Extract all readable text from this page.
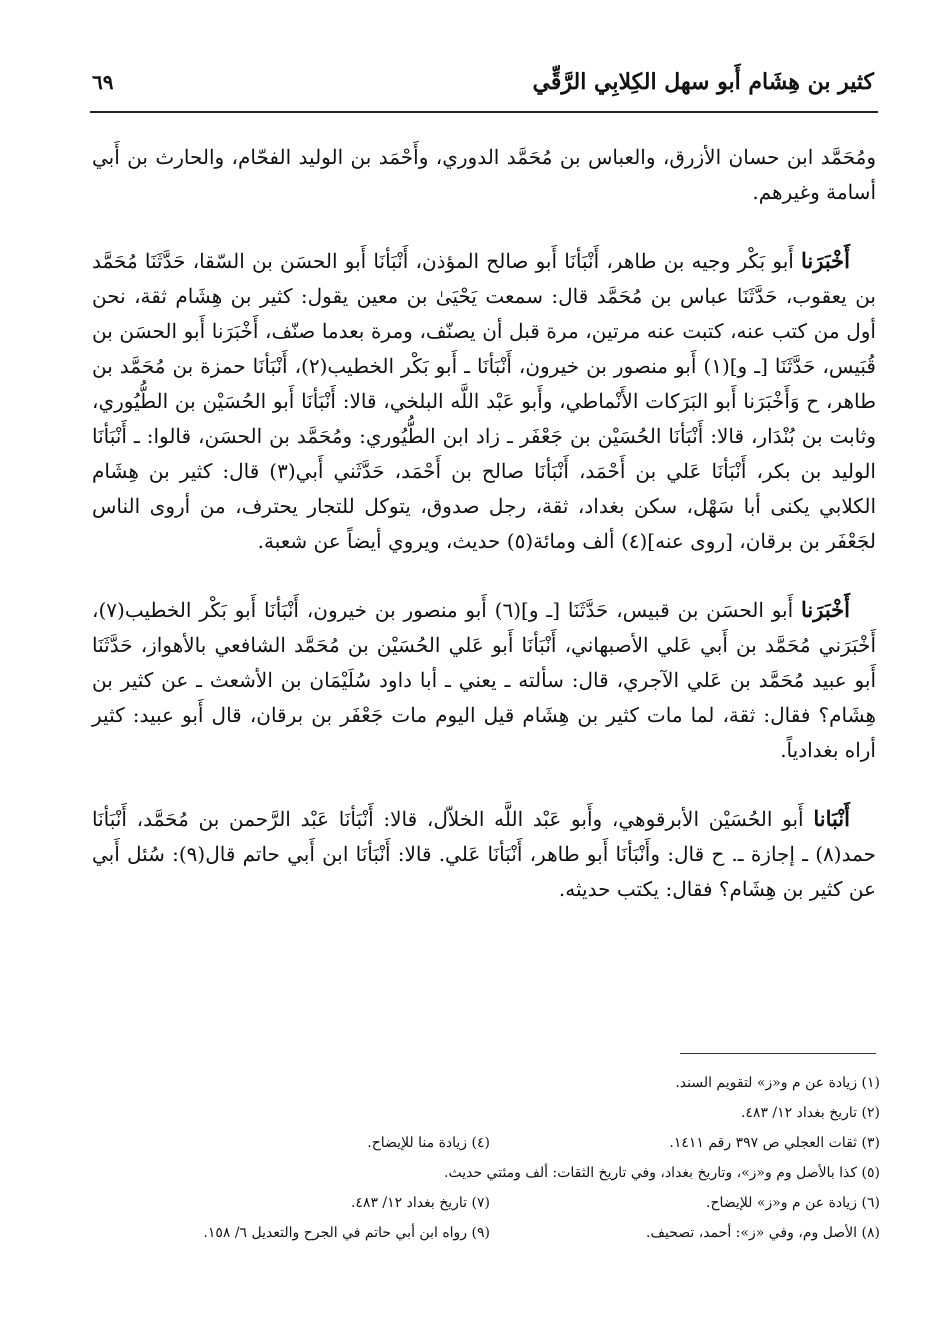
كثير بن هِشَام أَبو سهل الكِلابِي الرَّقِّي
٦٩

ومُحَمَّد ابن حسان الأزرق، والعباس بن مُحَمَّد الدوري، وأَحْمَد بن الوليد الفحّام، والحارث بن أَبي أسامة وغيرهم.

أَخْبَرَنا أَبو بَكْر وجيه بن طاهر، أَنْبَأنَا أَبو صالح المؤذن، أَنْبَأنَا أَبو الحسَن بن السّقا، حَدَّثَنَا مُحَمَّد بن يعقوب، حَدَّثَنَا عباس بن مُحَمَّد قال: سمعت يَحْيَىٰ بن معين يقول: كثير بن هِشَام ثقة، نحن أول من كتب عنه، كتبت عنه مرتين، مرة قبل أن يصنّف، ومرة بعدما صنّف، أَخْبَرَنا أَبو الحسَن بن قُبَيس، حَدَّثَنَا [ـ و](١) أَبو منصور بن خيرون، أَنْبَأنَا ـ أَبو بَكْر الخطيب(٢)، أَنْبَأنَا حمزة بن مُحَمَّد بن طاهر، ح وَأَخْبَرَنا أَبو البَرَكات الأَنْماطي، وأَبو عَبْد اللَّه البلخي، قالا: أَنْبَأنَا أَبو الحُسَيْن بن الطُّيُوري، وثابت بن بُنْدَار، قالا: أَنْبَأنَا الحُسَيْن بن جَعْفَر ـ زاد ابن الطُّيُوري: ومُحَمَّد بن الحسَن، قالوا: ـ أَنْبَأنَا الوليد بن بكر، أَنْبَأنَا عَلي بن أَحْمَد، أَنْبَأنَا صالح بن أَحْمَد، حَدَّثَني أَبي(٣) قال: كثير بن هِشَام الكلابي يكنى أبا سَهْل، سكن بغداد، ثقة، رجل صدوق، يتوكل للتجار يحترف، من أروى الناس لجَعْفَر بن برقان، [روى عنه](٤) ألف ومائة(٥) حديث، ويروي أيضاً عن شعبة.

أَخْبَرَنا أَبو الحسَن بن قبيس، حَدَّثَنَا [ـ و](٦) أَبو منصور بن خيرون، أَنْبَأنَا أَبو بَكْر الخطيب(٧)، أَخْبَرَني مُحَمَّد بن أَبي عَلي الأصبهاني، أَنْبَأنَا أَبو عَلي الحُسَيْن بن مُحَمَّد الشافعي بالأهواز، حَدَّثَنَا أَبو عبيد مُحَمَّد بن عَلي الآجري، قال: سألته ـ يعني ـ أبا داود سُلَيْمَان بن الأشعث ـ عن كثير بن هِشَام؟ فقال: ثقة، لما مات كثير بن هِشَام قيل اليوم مات جَعْفَر بن برقان، قال أَبو عبيد: كثير أراه بغدادياً.

أَنْبَانا أَبو الحُسَيْن الأبرقوهي، وأَبو عَبْد اللَّه الخلاّل، قالا: أَنْبَأنَا عَبْد الرَّحمن بن مُحَمَّد، أَنْبَأنَا حمد(٨) ـ إجازة ـ. ح قال: وأَنْبَأنَا أَبو طاهر، أَنْبَأنَا عَلي. قالا: أَنْبَأنَا ابن أَبي حاتم قال(٩): سُئل أَبي عن كثير بن هِشَام؟ فقال: يكتب حديثه.

(١) زيادة عن م و«ز» لتقويم السند.
(٢) تاريخ بغداد ١٢/ ٤٨٣.
(٣) ثقات العجلي ص ٣٩٧ رقم ١٤١١.
(٤) زيادة منا للإيضاح.
(٥) كذا بالأصل وم و«ز»، وتاريخ بغداد، وفي تاريخ الثقات: ألف ومئتي حديث.
(٦) زيادة عن م و«ز» للإيضاح.
(٧) تاريخ بغداد ١٢/ ٤٨٣.
(٨) الأصل وم، وفي «ز»: أحمد، تصحيف.
(٩) رواه ابن أبي حاتم في الجرح والتعديل ٦/ ١٥٨.
